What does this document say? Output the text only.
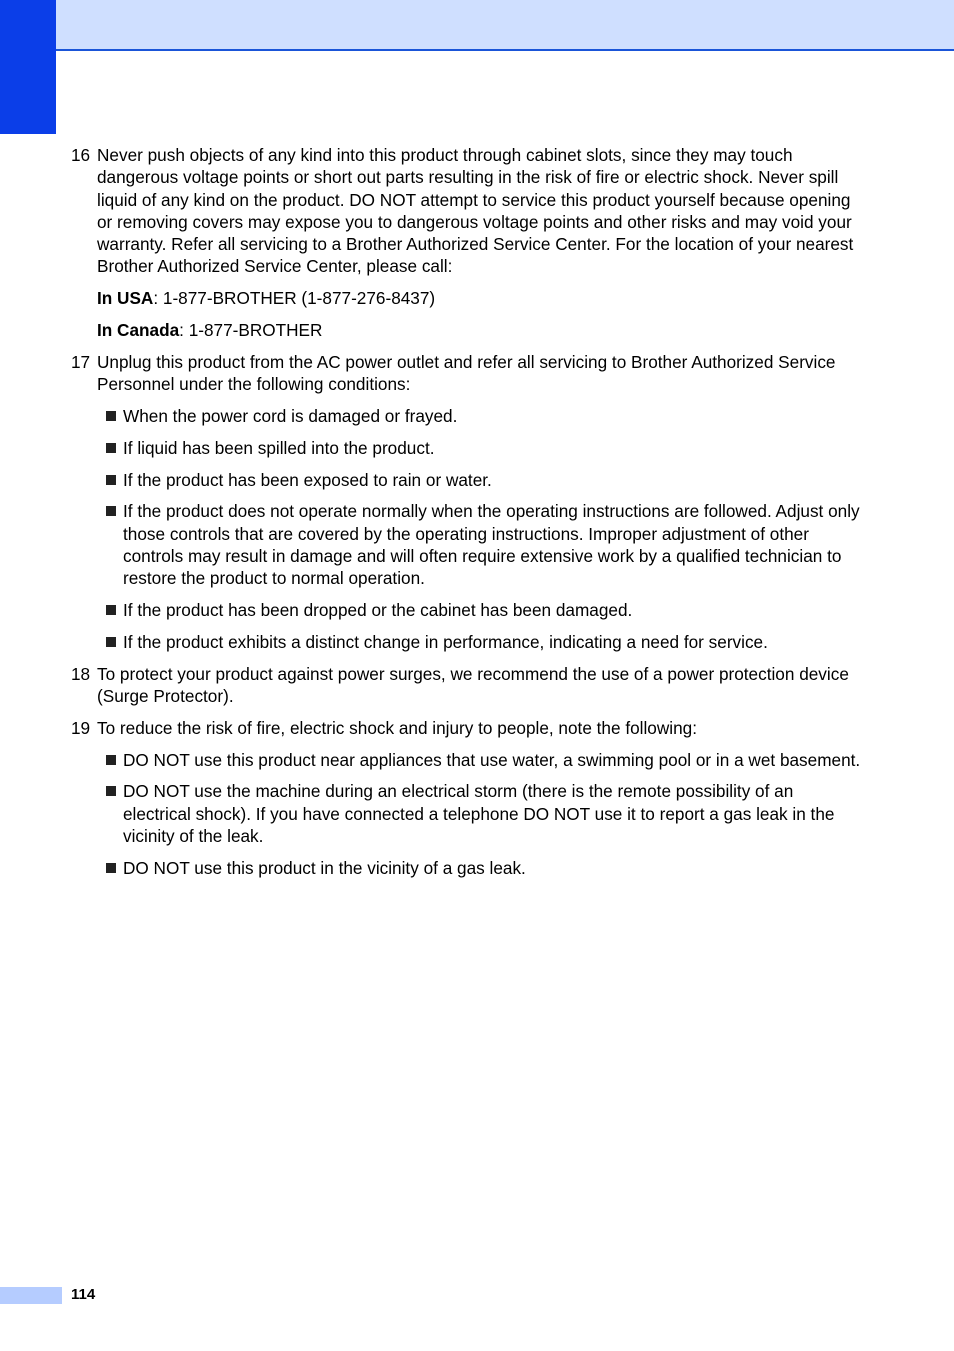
16 Never push objects of any kind into this product through cabinet slots, since they may touch dangerous voltage points or short out parts resulting in the risk of fire or electric shock. Never spill liquid of any kind on the product. DO NOT attempt to service this product yourself because opening or removing covers may expose you to dangerous voltage points and other risks and may void your warranty. Refer all servicing to a Brother Authorized Service Center. For the location of your nearest Brother Authorized Service Center, please call:
In USA: 1-877-BROTHER (1-877-276-8437)
In Canada: 1-877-BROTHER
17 Unplug this product from the AC power outlet and refer all servicing to Brother Authorized Service Personnel under the following conditions:
When the power cord is damaged or frayed.
If liquid has been spilled into the product.
If the product has been exposed to rain or water.
If the product does not operate normally when the operating instructions are followed. Adjust only those controls that are covered by the operating instructions. Improper adjustment of other controls may result in damage and will often require extensive work by a qualified technician to restore the product to normal operation.
If the product has been dropped or the cabinet has been damaged.
If the product exhibits a distinct change in performance, indicating a need for service.
18 To protect your product against power surges, we recommend the use of a power protection device (Surge Protector).
19 To reduce the risk of fire, electric shock and injury to people, note the following:
DO NOT use this product near appliances that use water, a swimming pool or in a wet basement.
DO NOT use the machine during an electrical storm (there is the remote possibility of an electrical shock). If you have connected a telephone DO NOT use it to report a gas leak in the vicinity of the leak.
DO NOT use this product in the vicinity of a gas leak.
114
